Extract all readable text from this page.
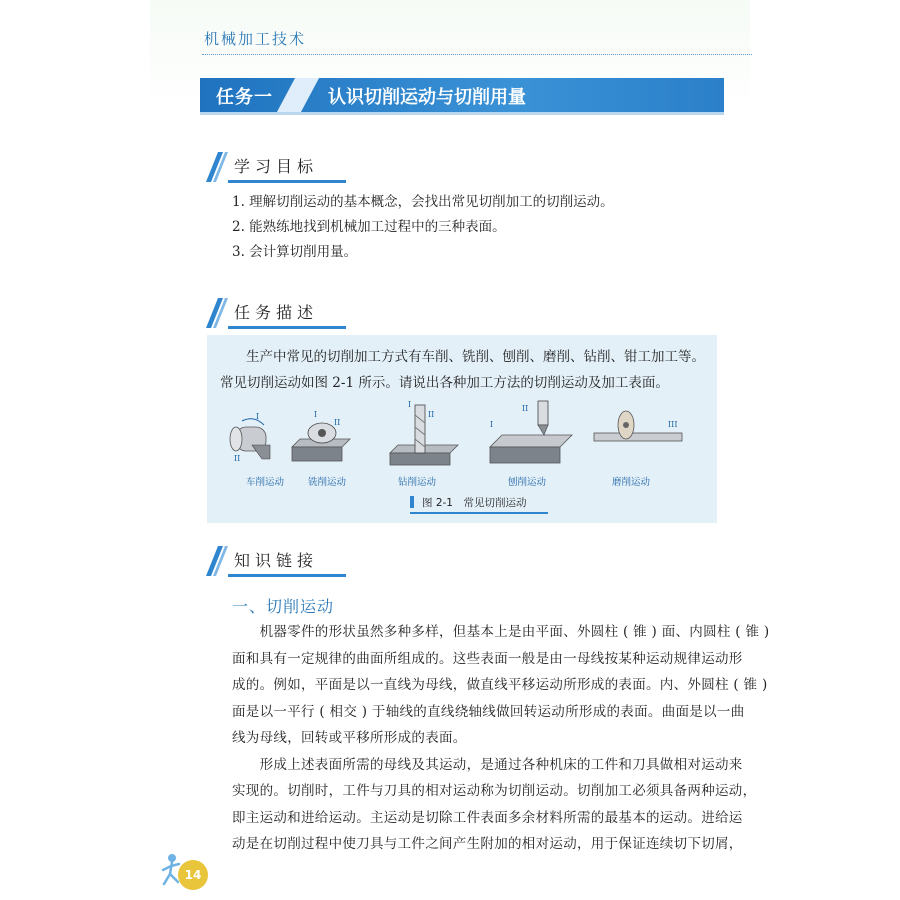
机械加工技术
任务一	认识切削运动与切削用量
学习目标
1. 理解切削运动的基本概念，会找出常见切削加工的切削运动。
2. 能熟练地找到机械加工过程中的三种表面。
3. 会计算切削用量。
任务描述
生产中常见的切削加工方式有车削、铣削、刨削、磨削、钻削、钳工加工等。
常见切削运动如图 2-1 所示。请说出各种加工方法的切削运动及加工表面。
I
II
I
II
I
II
II
I	III
车削运动	铣削运动	钻削运动	刨削运动	磨削运动
图 2-1　常见切削运动
知识链接
一、切削运动
　　机器零件的形状虽然多种多样，但基本上是由平面、外圆柱 ( 锥 ) 面、内圆柱 ( 锥 )
面和具有一定规律的曲面所组成的。这些表面一般是由一母线按某种运动规律运动形
成的。例如，平面是以一直线为母线，做直线平移运动所形成的表面。内、外圆柱 ( 锥 )
面是以一平行 ( 相交 ) 于轴线的直线绕轴线做回转运动所形成的表面。曲面是以一曲
线为母线，回转或平移所形成的表面。
　　形成上述表面所需的母线及其运动，是通过各种机床的工件和刀具做相对运动来
实现的。切削时，工件与刀具的相对运动称为切削运动。切削加工必须具备两种运动，
即主运动和进给运动。主运动是切除工件表面多余材料所需的最基本的运动。进给运
动是在切削过程中使刀具与工件之间产生附加的相对运动，用于保证连续切下切屑，
14
